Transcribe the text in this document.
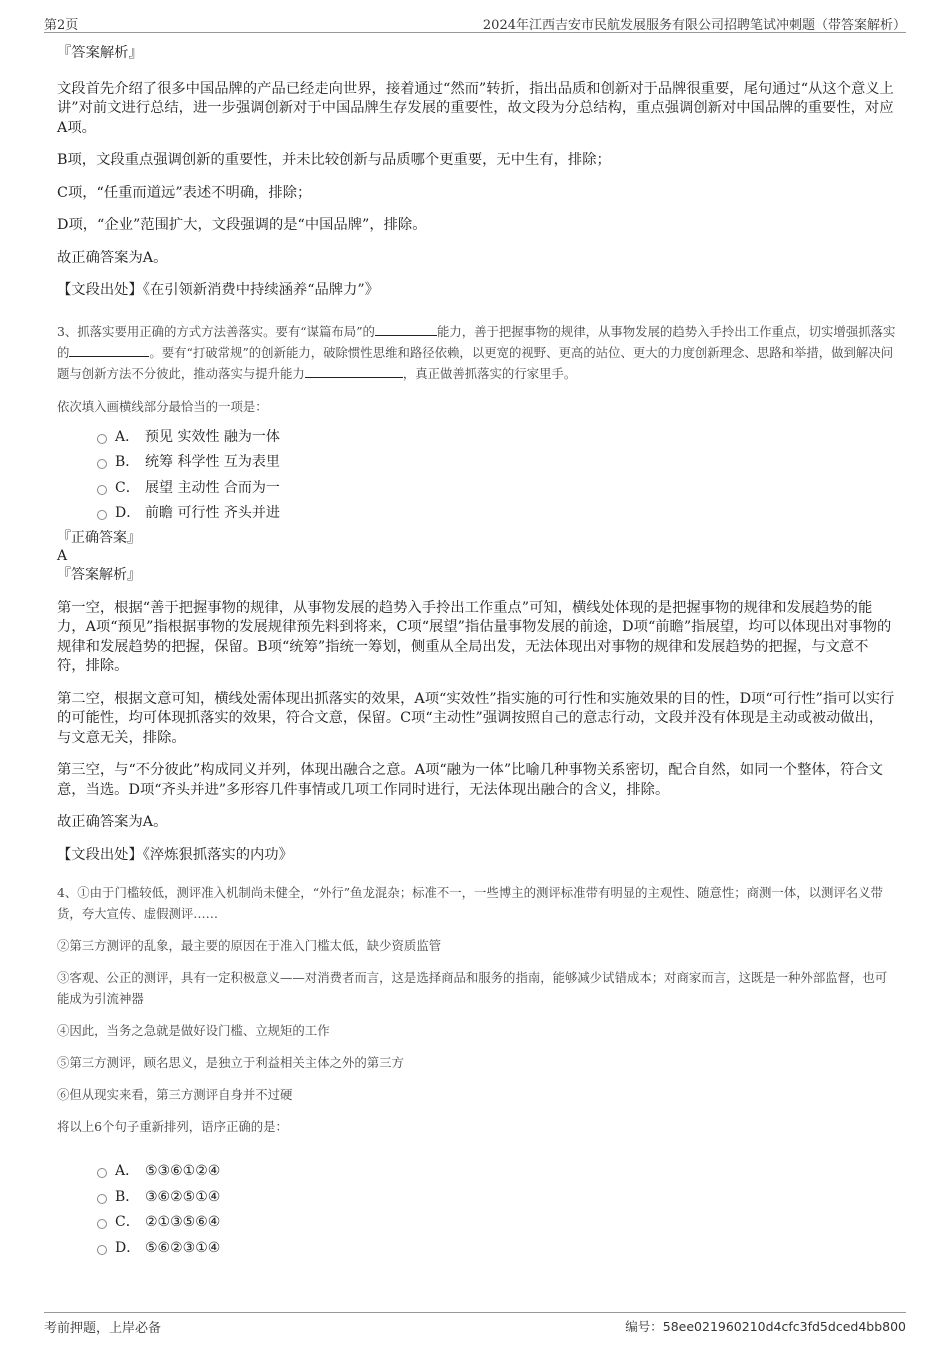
第2页	2024年江西吉安市民航发展服务有限公司招聘笔试冲刺题（带答案解析）

『答案解析』

文段首先介绍了很多中国品牌的产品已经走向世界，接着通过“然而”转折，指出品质和创新对于品牌很重要，尾句通过“从这个意义上讲”对前文进行总结，进一步强调创新对于中国品牌生存发展的重要性，故文段为分总结构，重点强调创新对中国品牌的重要性，对应A项。

B项，文段重点强调创新的重要性，并未比较创新与品质哪个更重要，无中生有，排除；

C项，“任重而道远”表述不明确，排除；

D项，“企业”范围扩大，文段强调的是“中国品牌”，排除。

故正确答案为A。

【文段出处】《在引领新消费中持续涵养“品牌力”》

3、抓落实要用正确的方式方法善落实。要有“谋篇布局”的	能力，善于把握事物的规律，从事物发展的趋势入手拎出工作重点，切实增强抓落实的	。要有“打破常规”的创新能力，破除惯性思维和路径依赖，以更宽的视野、更高的站位、更大的力度创新理念、思路和举措，做到解决问题与创新方法不分彼此，推动落实与提升能力	，真正做善抓落实的行家里手。

依次填入画横线部分最恰当的一项是：

A． 预见 实效性 融为一体
B． 统筹 科学性 互为表里
C． 展望 主动性 合而为一
D． 前瞻 可行性 齐头并进

『正确答案』

A

『答案解析』

第一空，根据“善于把握事物的规律，从事物发展的趋势入手拎出工作重点”可知，横线处体现的是把握事物的规律和发展趋势的能力，A项“预见”指根据事物的发展规律预先料到将来，C项“展望”指估量事物发展的前途，D项“前瞻”指展望，均可以体现出对事物的规律和发展趋势的把握，保留。B项“统筹”指统一筹划，侧重从全局出发，无法体现出对事物的规律和发展趋势的把握，与文意不符，排除。

第二空，根据文意可知，横线处需体现出抓落实的效果，A项“实效性”指实施的可行性和实施效果的目的性，D项“可行性”指可以实行的可能性，均可体现抓落实的效果，符合文意，保留。C项“主动性”强调按照自己的意志行动，文段并没有体现是主动或被动做出，与文意无关，排除。

第三空，与“不分彼此”构成同义并列，体现出融合之意。A项“融为一体”比喻几种事物关系密切，配合自然，如同一个整体，符合文意，当选。D项“齐头并进”多形容几件事情或几项工作同时进行，无法体现出融合的含义，排除。

故正确答案为A。

【文段出处】《淬炼狠抓落实的内功》

4、①由于门槛较低，测评准入机制尚未健全，“外行”鱼龙混杂；标准不一，一些博主的测评标准带有明显的主观性、随意性；商测一体，以测评名义带货，夸大宣传、虚假测评……

②第三方测评的乱象，最主要的原因在于准入门槛太低，缺少资质监管

③客观、公正的测评，具有一定积极意义——对消费者而言，这是选择商品和服务的指南，能够减少试错成本；对商家而言，这既是一种外部监督，也可能成为引流神器

④因此，当务之急就是做好设门槛、立规矩的工作

⑤第三方测评，顾名思义，是独立于利益相关主体之外的第三方

⑥但从现实来看，第三方测评自身并不过硬

将以上6个句子重新排列，语序正确的是：

A． ⑤③⑥①②④
B． ③⑥②⑤①④
C． ②①③⑤⑥④
D． ⑤⑥②③①④
考前押题，上岸必备	编号：58ee021960210d4cfc3fd5dced4bb800
